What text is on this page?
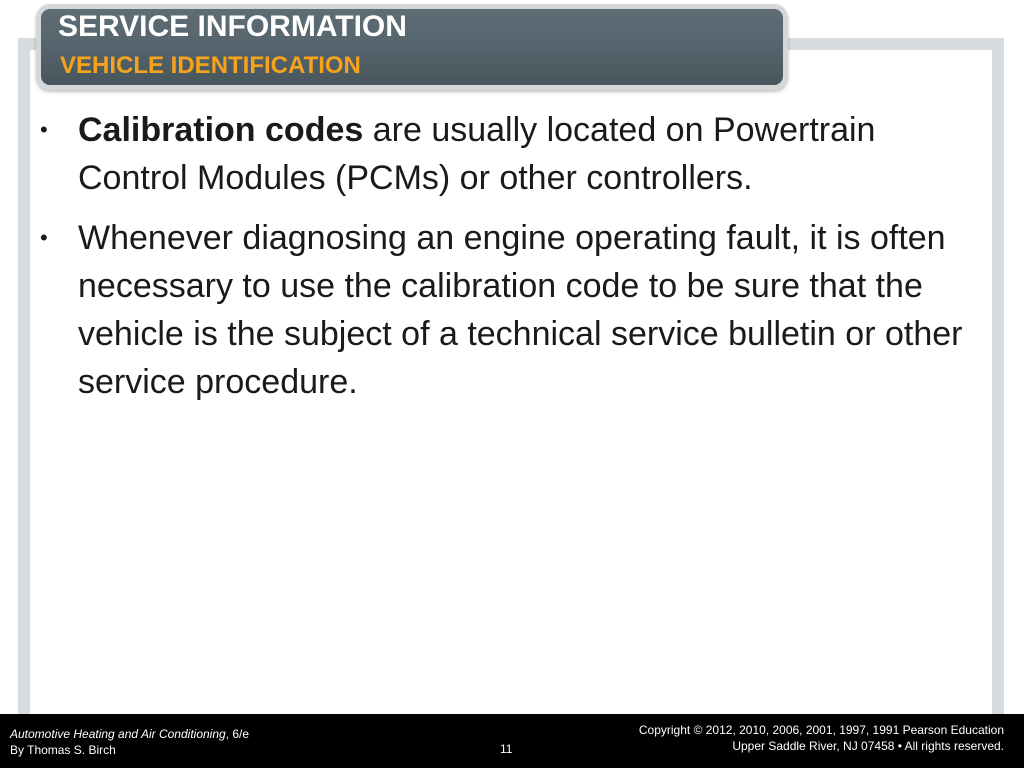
SERVICE INFORMATION
VEHICLE IDENTIFICATION
• Calibration codes are usually located on Powertrain Control Modules (PCMs) or other controllers.
• Whenever diagnosing an engine operating fault, it is often necessary to use the calibration code to be sure that the vehicle is the subject of a technical service bulletin or other service procedure.
Automotive Heating and Air Conditioning, 6/e
By Thomas S. Birch	11
Copyright © 2012, 2010, 2006, 2001, 1997, 1991 Pearson Education
Upper Saddle River, NJ 07458 • All rights reserved.
